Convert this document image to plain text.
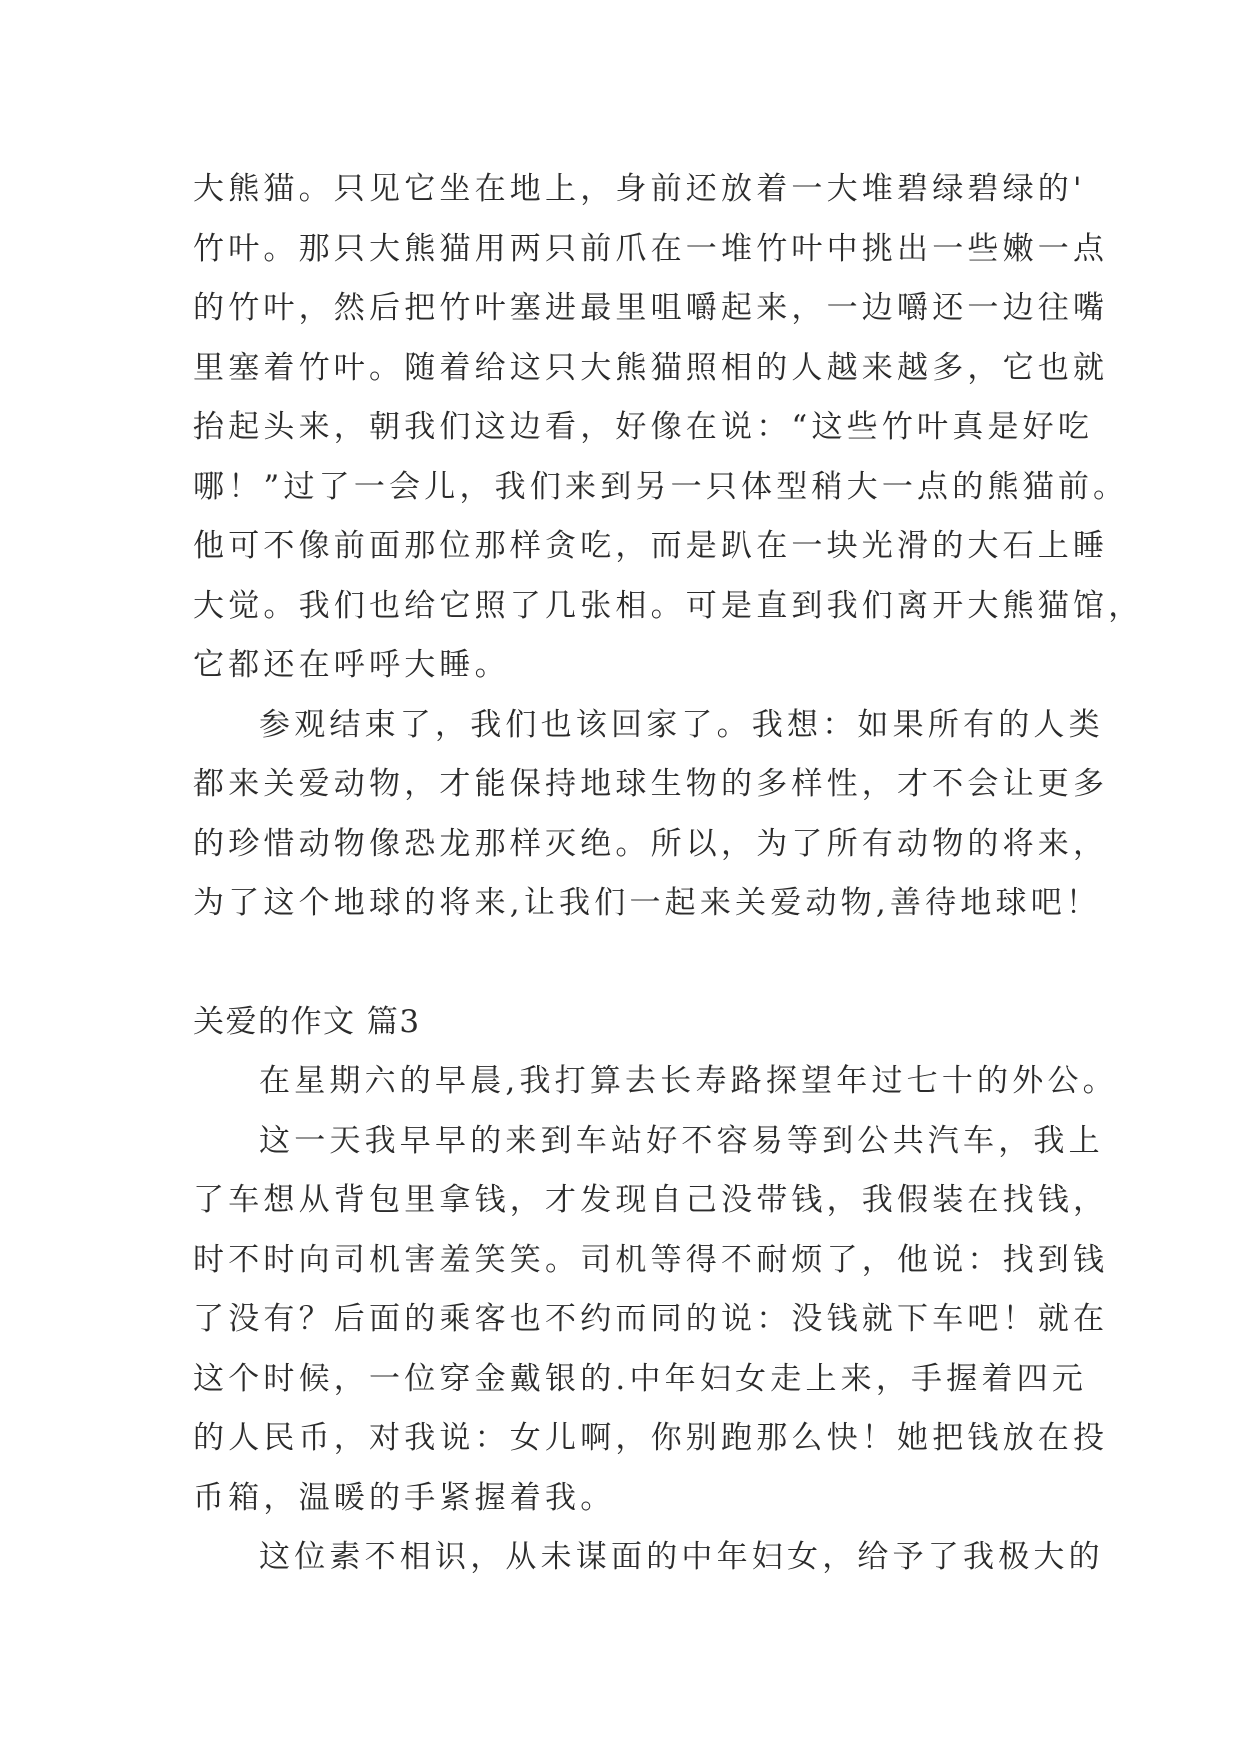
大熊猫。只见它坐在地上，身前还放着一大堆碧绿碧绿的'
竹叶。那只大熊猫用两只前爪在一堆竹叶中挑出一些嫩一点
的竹叶，然后把竹叶塞进最里咀嚼起来，一边嚼还一边往嘴
里塞着竹叶。随着给这只大熊猫照相的人越来越多，它也就
抬起头来，朝我们这边看，好像在说：“这些竹叶真是好吃
哪！”过了一会儿，我们来到另一只体型稍大一点的熊猫前。
他可不像前面那位那样贪吃，而是趴在一块光滑的大石上睡
大觉。我们也给它照了几张相。可是直到我们离开大熊猫馆，
它都还在呼呼大睡。
参观结束了，我们也该回家了。我想：如果所有的人类
都来关爱动物，才能保持地球生物的多样性，才不会让更多
的珍惜动物像恐龙那样灭绝。所以，为了所有动物的将来，
为了这个地球的将来,让我们一起来关爱动物,善待地球吧！
关爱的作文 篇3
在星期六的早晨,我打算去长寿路探望年过七十的外公。
这一天我早早的来到车站好不容易等到公共汽车，我上
了车想从背包里拿钱，才发现自己没带钱，我假装在找钱，
时不时向司机害羞笑笑。司机等得不耐烦了，他说：找到钱
了没有？后面的乘客也不约而同的说：没钱就下车吧！就在
这个时候，一位穿金戴银的.中年妇女走上来，手握着四元
的人民币，对我说：女儿啊，你别跑那么快！她把钱放在投
币箱，温暖的手紧握着我。
这位素不相识，从未谋面的中年妇女，给予了我极大的
